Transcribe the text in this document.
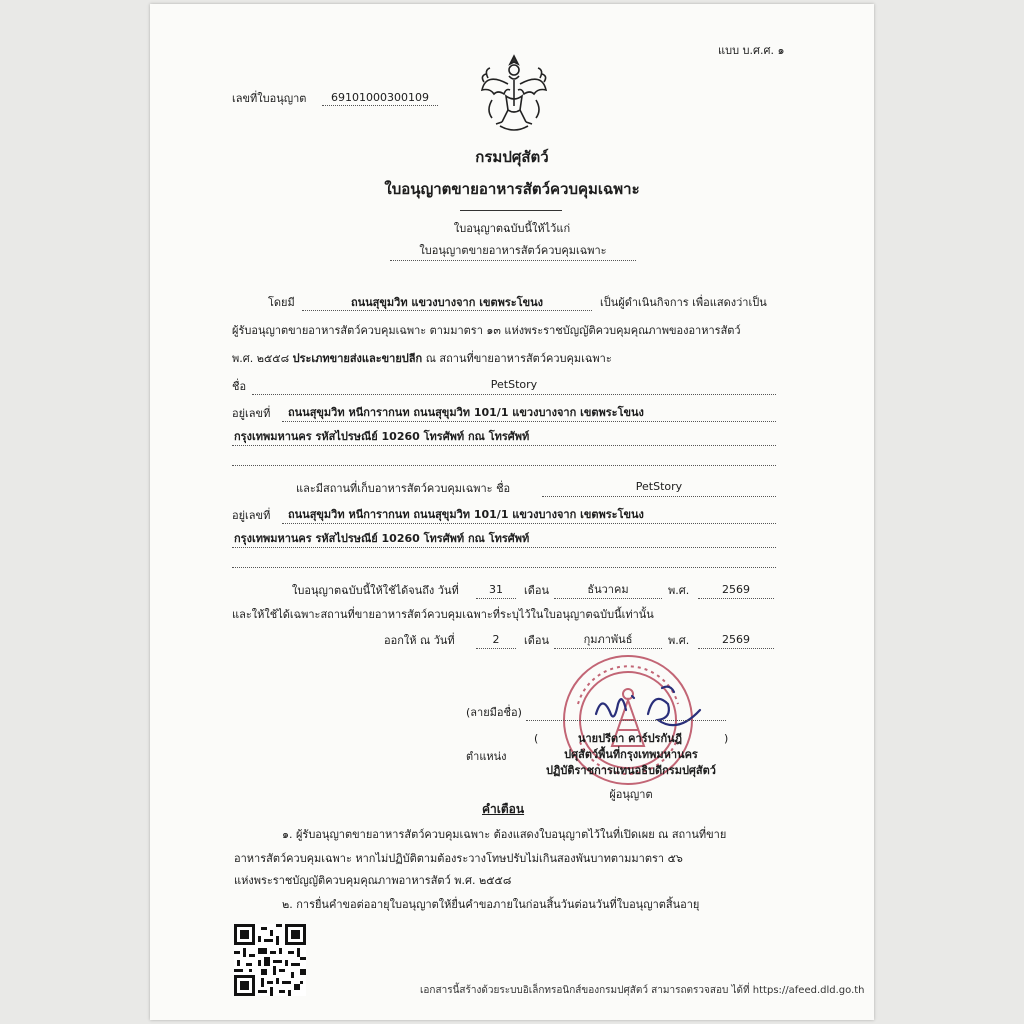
แบบ บ.ศ.ศ. ๑
เลขที่ใบอนุญาต	69101000300109
กรมปศุสัตว์
ใบอนุญาตขายอาหารสัตว์ควบคุมเฉพาะ
ใบอนุญาตฉบับนี้ให้ไว้แก่
ใบอนุญาตขายอาหารสัตว์ควบคุมเฉพาะ
โดยมี	ถนนสุขุมวิท แขวงบางจาก เขตพระโขนง	เป็นผู้ดำเนินกิจการ เพื่อแสดงว่าเป็น
ผู้รับอนุญาตขายอาหารสัตว์ควบคุมเฉพาะ ตามมาตรา ๑๓ แห่งพระราชบัญญัติควบคุมคุณภาพของอาหารสัตว์
พ.ศ. ๒๕๕๘ ประเภทขายส่งและขายปลีก ณ สถานที่ขายอาหารสัตว์ควบคุมเฉพาะ
ชื่อ	PetStory
อยู่เลขที่ ถนนสุขุมวิท หนีการากนท ถนนสุขุมวิท 101/1 แขวงบางจาก เขตพระโขนง
กรุงเทพมหานคร รหัสไปรษณีย์ 10260 โทรศัพท์ กณ โทรศัพท์
และมีสถานที่เก็บอาหารสัตว์ควบคุมเฉพาะ ชื่อ	PetStory
อยู่เลขที่ ถนนสุขุมวิท หนีการากนท ถนนสุขุมวิท 101/1 แขวงบางจาก เขตพระโขนง
กรุงเทพมหานคร รหัสไปรษณีย์ 10260 โทรศัพท์ กณ โทรศัพท์
ใบอนุญาตฉบับนี้ให้ใช้ได้จนถึง วันที่	31	เดือน	ธันวาคม	พ.ศ.	2569
และให้ใช้ได้เฉพาะสถานที่ขายอาหารสัตว์ควบคุมเฉพาะที่ระบุไว้ในใบอนุญาตฉบับนี้เท่านั้น
ออกให้ ณ วันที่	2	เดือน	กุมภาพันธ์	พ.ศ.	2569
(ลายมือชื่อ)
(	นายปรีดา คาร์ปรกันฎี	)
ตำแหน่ง	ปศุสัตว์พื้นที่กรุงเทพมหานคร
ปฏิบัติราชการแทนอธิบดีกรมปศุสัตว์
ผู้อนุญาต
คำเตือน
๑. ผู้รับอนุญาตขายอาหารสัตว์ควบคุมเฉพาะ ต้องแสดงใบอนุญาตไว้ในที่เปิดเผย ณ สถานที่ขาย
อาหารสัตว์ควบคุมเฉพาะ หากไม่ปฏิบัติตามต้องระวางโทษปรับไม่เกินสองพันบาทตามมาตรา ๕๖
แห่งพระราชบัญญัติควบคุมคุณภาพอาหารสัตว์ พ.ศ. ๒๕๕๘
๒. การยื่นคำขอต่ออายุใบอนุญาตให้ยื่นคำขอภายในก่อนสิ้นวันต่อนวันที่ใบอนุญาตสิ้นอายุ
เอกสารนี้สร้างด้วยระบบอิเล็กทรอนิกส์ของกรมปศุสัตว์ สามารถตรวจสอบ ได้ที่ https://afeed.dld.go.th
